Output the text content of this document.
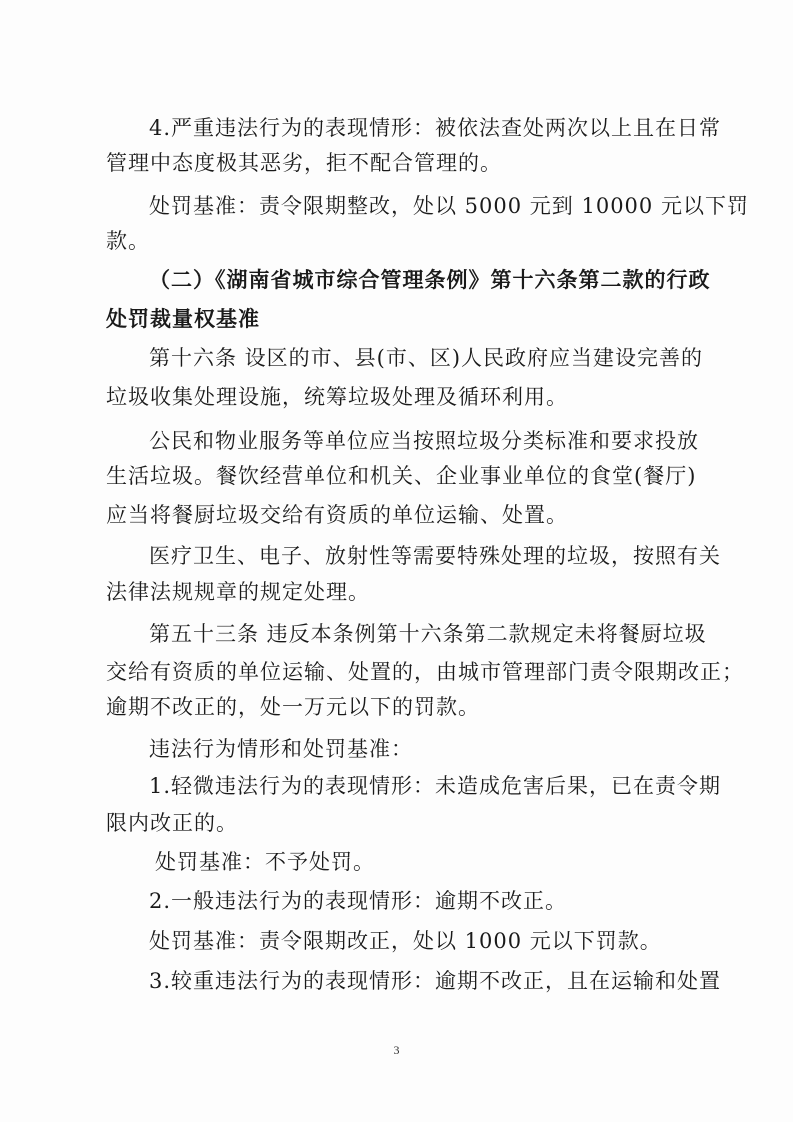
4.严重违法行为的表现情形：被依法查处两次以上且在日常
管理中态度极其恶劣，拒不配合管理的。
处罚基准：责令限期整改，处以 5000 元到 10000 元以下罚
款。
（二）《湖南省城市综合管理条例》第十六条第二款的行政
处罚裁量权基准
第十六条 设区的市、县(市、区)人民政府应当建设完善的
垃圾收集处理设施，统筹垃圾处理及循环利用。
公民和物业服务等单位应当按照垃圾分类标准和要求投放
生活垃圾。餐饮经营单位和机关、企业事业单位的食堂(餐厅)
应当将餐厨垃圾交给有资质的单位运输、处置。
医疗卫生、电子、放射性等需要特殊处理的垃圾，按照有关
法律法规规章的规定处理。
第五十三条 违反本条例第十六条第二款规定未将餐厨垃圾
交给有资质的单位运输、处置的，由城市管理部门责令限期改正；
逾期不改正的，处一万元以下的罚款。
违法行为情形和处罚基准：
1.轻微违法行为的表现情形：未造成危害后果，已在责令期
限内改正的。
处罚基准：不予处罚。
2.一般违法行为的表现情形：逾期不改正。
处罚基准：责令限期改正，处以 1000 元以下罚款。
3.较重违法行为的表现情形：逾期不改正，且在运输和处置
3
